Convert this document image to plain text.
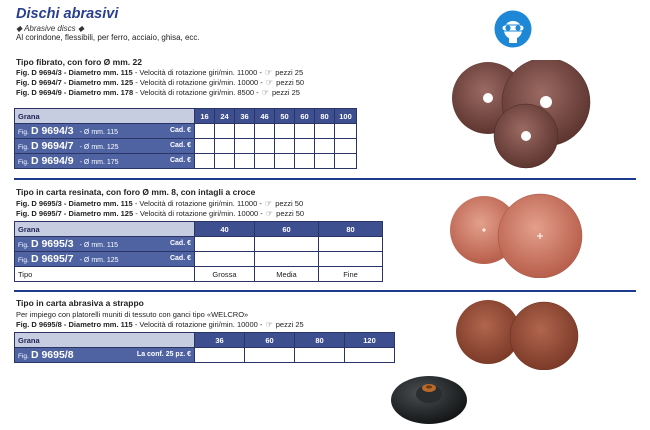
Dischi abrasivi
◆ Abrasive discs ◆
Al corindone, flessibili, per ferro, acciaio, ghisa, ecc.
Tipo fibrato, con foro Ø mm. 22
Fig. D 9694/3 - Diametro mm. 115 - Velocità di rotazione giri/min. 11000 - ☞ pezzi 25
Fig. D 9694/7 - Diametro mm. 125 - Velocità di rotazione giri/min. 10000 - ☞ pezzi 50
Fig. D 9694/9 - Diametro mm. 178 - Velocità di rotazione giri/min. 8500 - ☞ pezzi 25
Grana	16	24	36	46	50	60	80	100
Fig. D 9694/3 - Ø mm. 115 Cad. €								

Fig. D 9694/7 - Ø mm. 125 Cad. €								

Fig. D 9694/9 - Ø mm. 175 Cad. €								

Tipo in carta resinata, con foro Ø mm. 8, con intagli a croce
Fig. D 9695/3 - Diametro mm. 115 - Velocità di rotazione giri/min. 11000 - ☞ pezzi 50
Fig. D 9695/7 - Diametro mm. 125 - Velocità di rotazione giri/min. 10000 - ☞ pezzi 50
Grana	40	60	80
Fig. D 9695/3 - Ø mm. 115 Cad. €			

Fig. D 9695/7 - Ø mm. 125 Cad. €			

Tipo	Grossa	Media	Fine
Tipo in carta abrasiva a strappo
Per impiego con platorelli muniti di tessuto con ganci tipo «WELCRO»
Fig. D 9695/8 - Diametro mm. 115 - Velocità di rotazione giri/min. 10000 - ☞ pezzi 25
Grana	36	60	80	120
Fig. D 9695/8 La conf. 25 pz. €				
